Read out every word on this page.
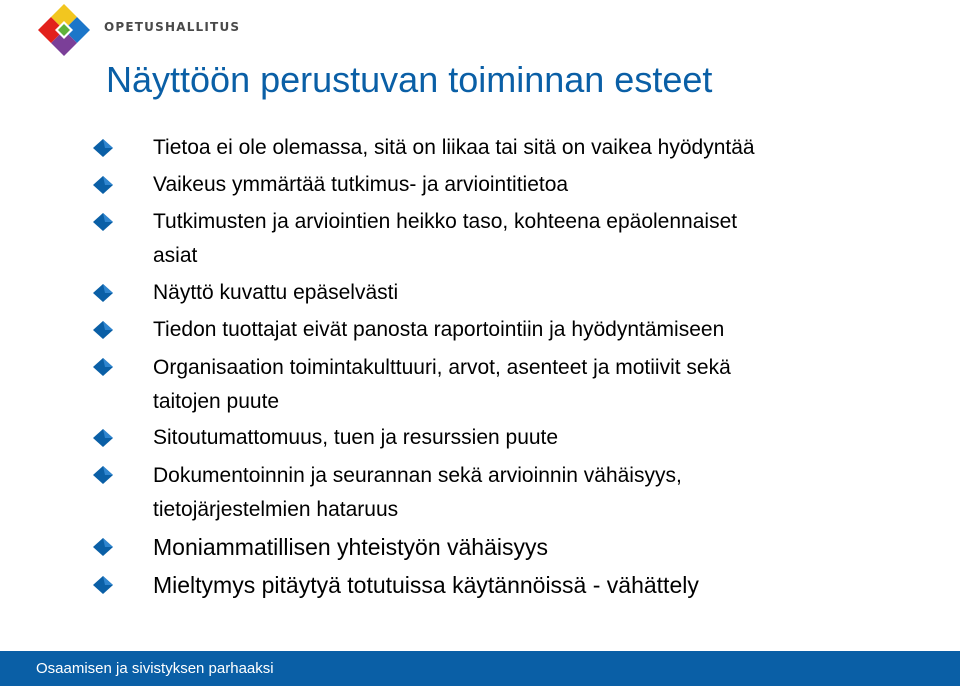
OPETUSHALLITUS
Näyttöön perustuvan toiminnan esteet
Tietoa ei ole olemassa, sitä on liikaa tai sitä on vaikea hyödyntää
Vaikeus ymmärtää tutkimus- ja arviointitietoa
Tutkimusten ja arviointien heikko taso, kohteena epäolennaiset
asiat
Näyttö kuvattu epäselvästi
Tiedon tuottajat eivät panosta raportointiin ja hyödyntämiseen
Organisaation toimintakulttuuri, arvot, asenteet ja motiivit sekä
taitojen puute
Sitoutumattomuus, tuen ja resurssien puute
Dokumentoinnin ja seurannan sekä arvioinnin vähäisyys,
tietojärjestelmien hataruus
Moniammatillisen yhteistyön vähäisyys
Mieltymys pitäytyä totutuissa käytännöissä - vähättely
Osaamisen ja sivistyksen parhaaksi
Anu Räisänen
